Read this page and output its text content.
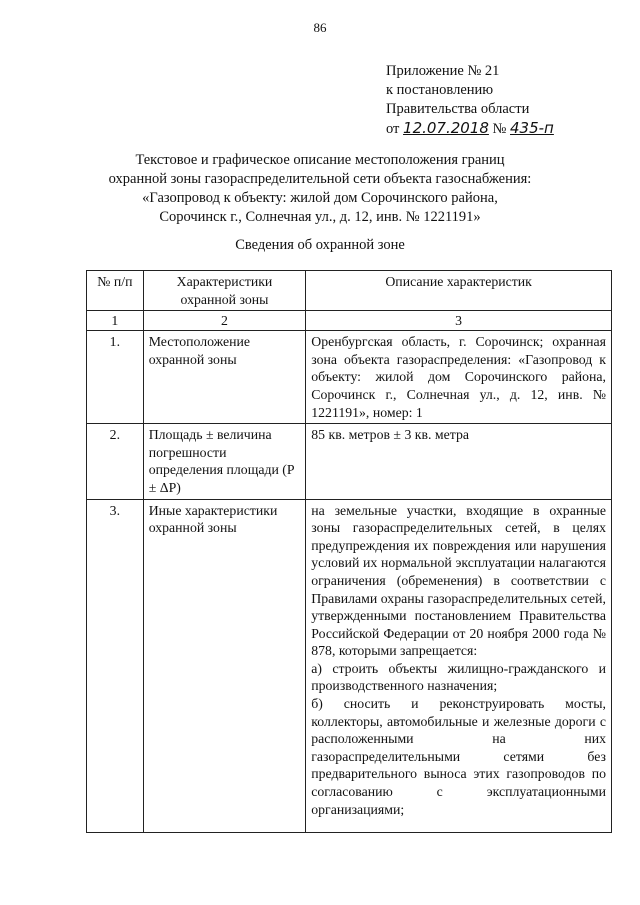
86
Приложение № 21
к постановлению
Правительства области
от 12.07.2018 № 435-п
Текстовое и графическое описание местоположения границ
охранной зоны газораспределительной сети объекта газоснабжения:
«Газопровод к объекту: жилой дом Сорочинского района,
Сорочинск г., Солнечная ул., д. 12, инв. № 1221191»
Сведения об охранной зоне
№ п/п	Характеристики охранной зоны	Описание характеристик
1	2	3
1.	Местоположение охранной зоны	Оренбургская область, г. Сорочинск; охранная зона объекта газораспределения: «Газопровод к объекту: жилой дом Сорочинского района, Сорочинск г., Солнечная ул., д. 12, инв. № 1221191», номер: 1
2.	Площадь ± величина погрешности определения площади (P ± ΔP)	85 кв. метров ± 3 кв. метра
3.	Иные характеристики охранной зоны	на земельные участки, входящие в охранные зоны газораспределительных сетей, в целях предупреждения их повреждения или нарушения условий их нормальной эксплуатации налагаются ограничения (обременения) в соответствии с Правилами охраны газораспределительных сетей, утвержденными постановлением Правительства Российской Федерации от 20 ноября 2000 года № 878, которыми запрещается:
а) строить объекты жилищно-гражданского и производственного назначения;
б) сносить и реконструировать мосты, коллекторы, автомобильные и железные дороги с расположенными на них газораспределительными сетями без предварительного выноса этих газопроводов по согласованию с эксплуатационными организациями;
